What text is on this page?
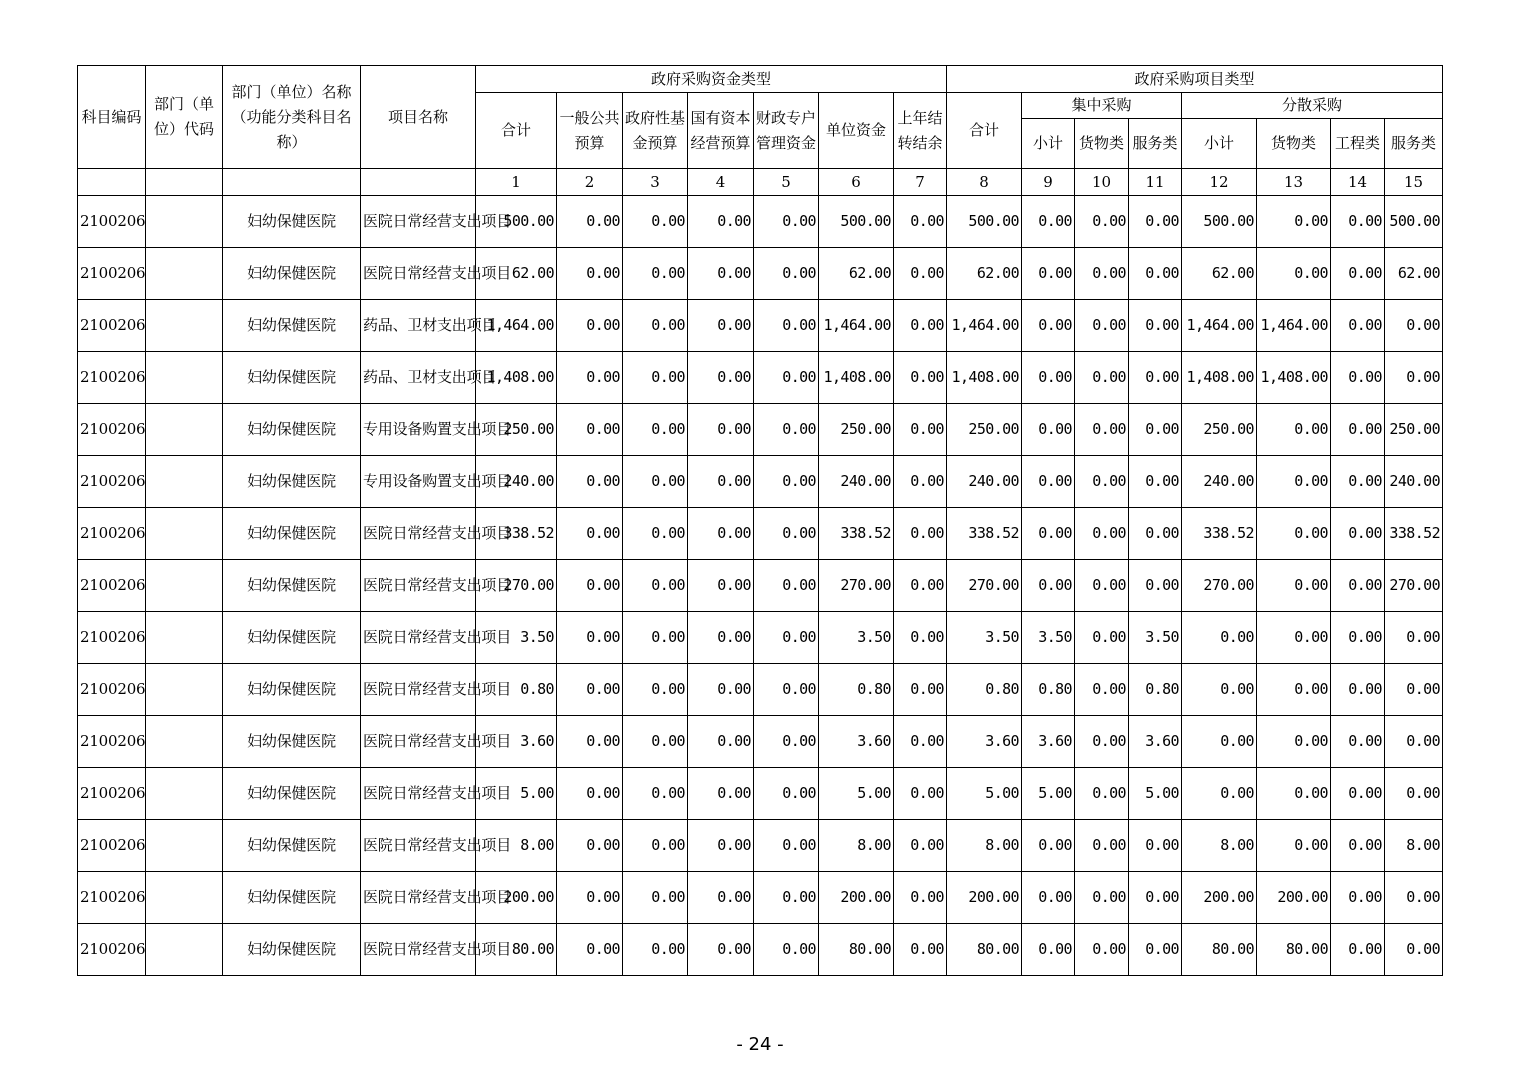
科目编码	部门（单位）代码	部门（单位）名称（功能分类科目名称）	项目名称	政府采购资金类型							政府采购项目类型							
				合计	一般公共预算	政府性基金预算	国有资本经营预算	财政专户管理资金	单位资金	上年结转结余	合计	集中采购			分散采购			
												小计	货物类	服务类	小计	货物类	工程类	服务类
				1	2	3	4	5	6	7	8	9	10	11	12	13	14	15
2100206		妇幼保健医院	医院日常经营支出项目	500.00	0.00	0.00	0.00	0.00	500.00	0.00	500.00	0.00	0.00	0.00	500.00	0.00	0.00	500.00
2100206		妇幼保健医院	医院日常经营支出项目	62.00	0.00	0.00	0.00	0.00	62.00	0.00	62.00	0.00	0.00	0.00	62.00	0.00	0.00	62.00
2100206		妇幼保健医院	药品、卫材支出项目	1,464.00	0.00	0.00	0.00	0.00	1,464.00	0.00	1,464.00	0.00	0.00	0.00	1,464.00	1,464.00	0.00	0.00
2100206		妇幼保健医院	药品、卫材支出项目	1,408.00	0.00	0.00	0.00	0.00	1,408.00	0.00	1,408.00	0.00	0.00	0.00	1,408.00	1,408.00	0.00	0.00
2100206		妇幼保健医院	专用设备购置支出项目	250.00	0.00	0.00	0.00	0.00	250.00	0.00	250.00	0.00	0.00	0.00	250.00	0.00	0.00	250.00
2100206		妇幼保健医院	专用设备购置支出项目	240.00	0.00	0.00	0.00	0.00	240.00	0.00	240.00	0.00	0.00	0.00	240.00	0.00	0.00	240.00
2100206		妇幼保健医院	医院日常经营支出项目	338.52	0.00	0.00	0.00	0.00	338.52	0.00	338.52	0.00	0.00	0.00	338.52	0.00	0.00	338.52
2100206		妇幼保健医院	医院日常经营支出项目	270.00	0.00	0.00	0.00	0.00	270.00	0.00	270.00	0.00	0.00	0.00	270.00	0.00	0.00	270.00
2100206		妇幼保健医院	医院日常经营支出项目	3.50	0.00	0.00	0.00	0.00	3.50	0.00	3.50	3.50	0.00	3.50	0.00	0.00	0.00	0.00
2100206		妇幼保健医院	医院日常经营支出项目	0.80	0.00	0.00	0.00	0.00	0.80	0.00	0.80	0.80	0.00	0.80	0.00	0.00	0.00	0.00
2100206		妇幼保健医院	医院日常经营支出项目	3.60	0.00	0.00	0.00	0.00	3.60	0.00	3.60	3.60	0.00	3.60	0.00	0.00	0.00	0.00
2100206		妇幼保健医院	医院日常经营支出项目	5.00	0.00	0.00	0.00	0.00	5.00	0.00	5.00	5.00	0.00	5.00	0.00	0.00	0.00	0.00
2100206		妇幼保健医院	医院日常经营支出项目	8.00	0.00	0.00	0.00	0.00	8.00	0.00	8.00	0.00	0.00	0.00	8.00	0.00	0.00	8.00
2100206		妇幼保健医院	医院日常经营支出项目	200.00	0.00	0.00	0.00	0.00	200.00	0.00	200.00	0.00	0.00	0.00	200.00	200.00	0.00	0.00
2100206		妇幼保健医院	医院日常经营支出项目	80.00	0.00	0.00	0.00	0.00	80.00	0.00	80.00	0.00	0.00	0.00	80.00	80.00	0.00	0.00
- 24 -
